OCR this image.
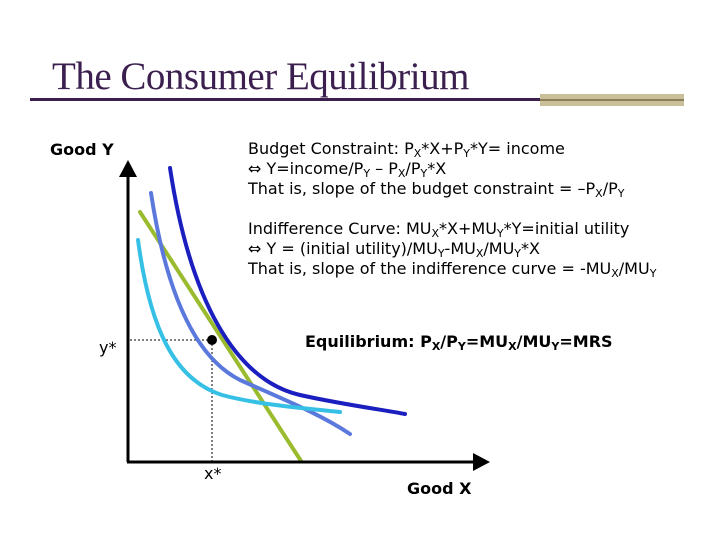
The Consumer Equilibrium
Good Y
Good X
y*
x*
Budget Constraint: $P_X*X+P_Y*Y=$ income
⇔ $Y=income/P_Y - P_X/P_Y*X$
That is, slope of the budget constraint = $-P_X/P_Y$
Indifference Curve: $MU_X*X+MU_Y*Y=initial$ utility
⇔ Y = (initial $utility)/MU_Y-MU_X/MU_Y*X$
That is, slope of the indifference curve = $-MU_X/MU_Y$
Equilibrium: $P_X/P_Y=MU_X/MU_Y=MRS$
